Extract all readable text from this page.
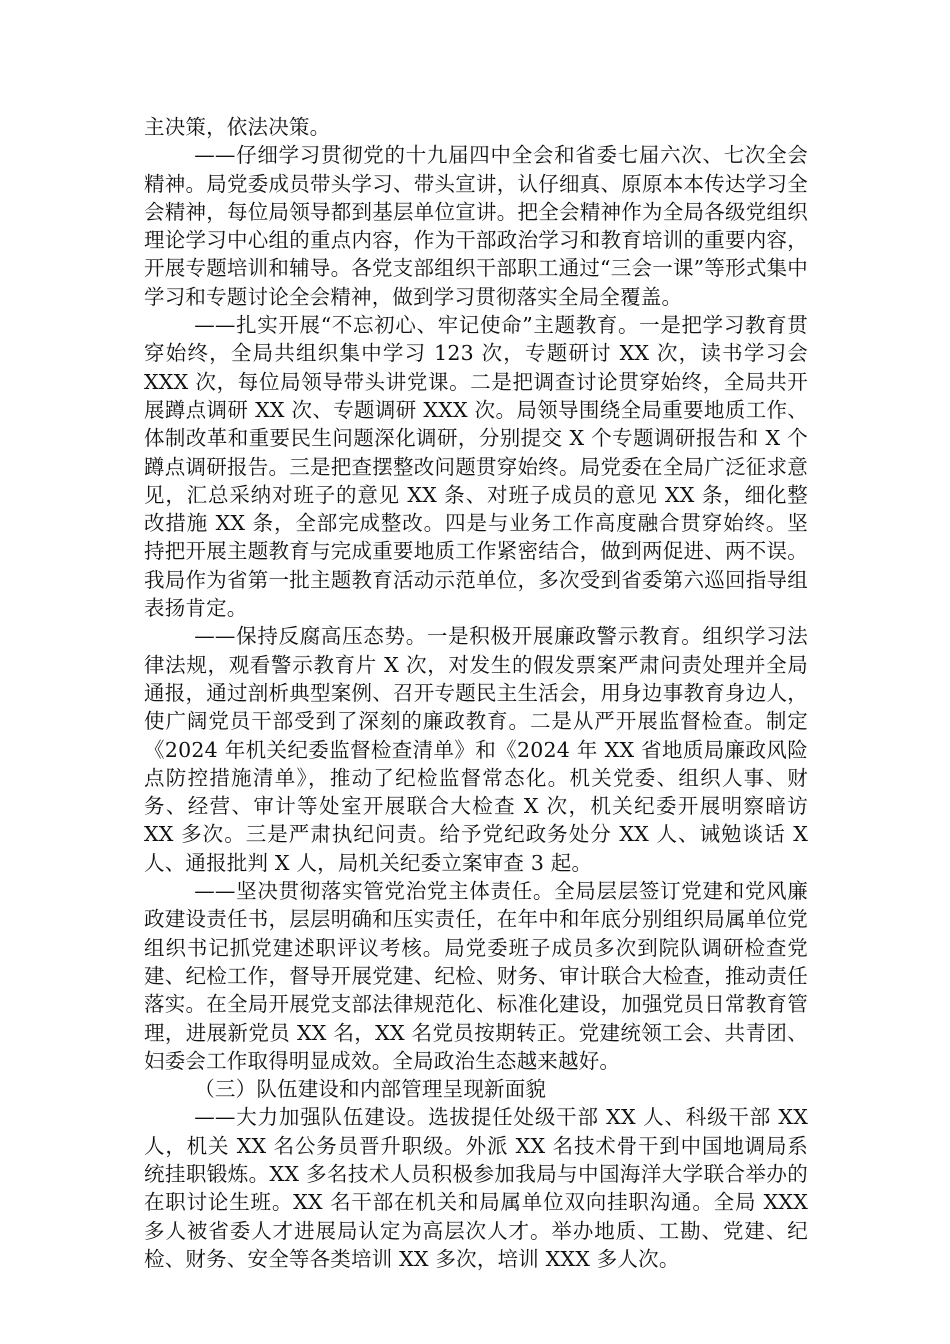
主决策，依法决策。

——仔细学习贯彻党的十九届四中全会和省委七届六次、七次全会精神。局党委成员带头学习、带头宣讲，认仔细真、原原本本传达学习全会精神，每位局领导都到基层单位宣讲。把全会精神作为全局各级党组织理论学习中心组的重点内容，作为干部政治学习和教育培训的重要内容，开展专题培训和辅导。各党支部组织干部职工通过“三会一课”等形式集中学习和专题讨论全会精神，做到学习贯彻落实全局全覆盖。

——扎实开展“不忘初心、牢记使命”主题教育。一是把学习教育贯穿始终，全局共组织集中学习 123 次，专题研讨 XX 次，读书学习会 XXX 次，每位局领导带头讲党课。二是把调查讨论贯穿始终，全局共开展蹲点调研 XX 次、专题调研 XXX 次。局领导围绕全局重要地质工作、体制改革和重要民生问题深化调研，分别提交 X 个专题调研报告和 X 个蹲点调研报告。三是把查摆整改问题贯穿始终。局党委在全局广泛征求意见，汇总采纳对班子的意见 XX 条、对班子成员的意见 XX 条，细化整改措施 XX 条，全部完成整改。四是与业务工作高度融合贯穿始终。坚持把开展主题教育与完成重要地质工作紧密结合，做到两促进、两不误。我局作为省第一批主题教育活动示范单位，多次受到省委第六巡回指导组表扬肯定。

——保持反腐高压态势。一是积极开展廉政警示教育。组织学习法律法规，观看警示教育片 X 次，对发生的假发票案严肃问责处理并全局通报，通过剖析典型案例、召开专题民主生活会，用身边事教育身边人，使广阔党员干部受到了深刻的廉政教育。二是从严开展监督检查。制定《2024 年机关纪委监督检查清单》和《2024 年 XX 省地质局廉政风险点防控措施清单》，推动了纪检监督常态化。机关党委、组织人事、财务、经营、审计等处室开展联合大检查 X 次，机关纪委开展明察暗访 XX 多次。三是严肃执纪问责。给予党纪政务处分 XX 人、诫勉谈话 X 人、通报批判 X 人，局机关纪委立案审查 3 起。

——坚决贯彻落实管党治党主体责任。全局层层签订党建和党风廉政建设责任书，层层明确和压实责任，在年中和年底分别组织局属单位党组织书记抓党建述职评议考核。局党委班子成员多次到院队调研检查党建、纪检工作，督导开展党建、纪检、财务、审计联合大检查，推动责任落实。在全局开展党支部法律规范化、标准化建设，加强党员日常教育管理，进展新党员 XX 名，XX 名党员按期转正。党建统领工会、共青团、妇委会工作取得明显成效。全局政治生态越来越好。

（三）队伍建设和内部管理呈现新面貌

——大力加强队伍建设。选拔提任处级干部 XX 人、科级干部 XX 人，机关 XX 名公务员晋升职级。外派 XX 名技术骨干到中国地调局系统挂职锻炼。XX 多名技术人员积极参加我局与中国海洋大学联合举办的在职讨论生班。XX 名干部在机关和局属单位双向挂职沟通。全局 XXX 多人被省委人才进展局认定为高层次人才。举办地质、工勘、党建、纪检、财务、安全等各类培训 XX 多次，培训 XXX 多人次。
